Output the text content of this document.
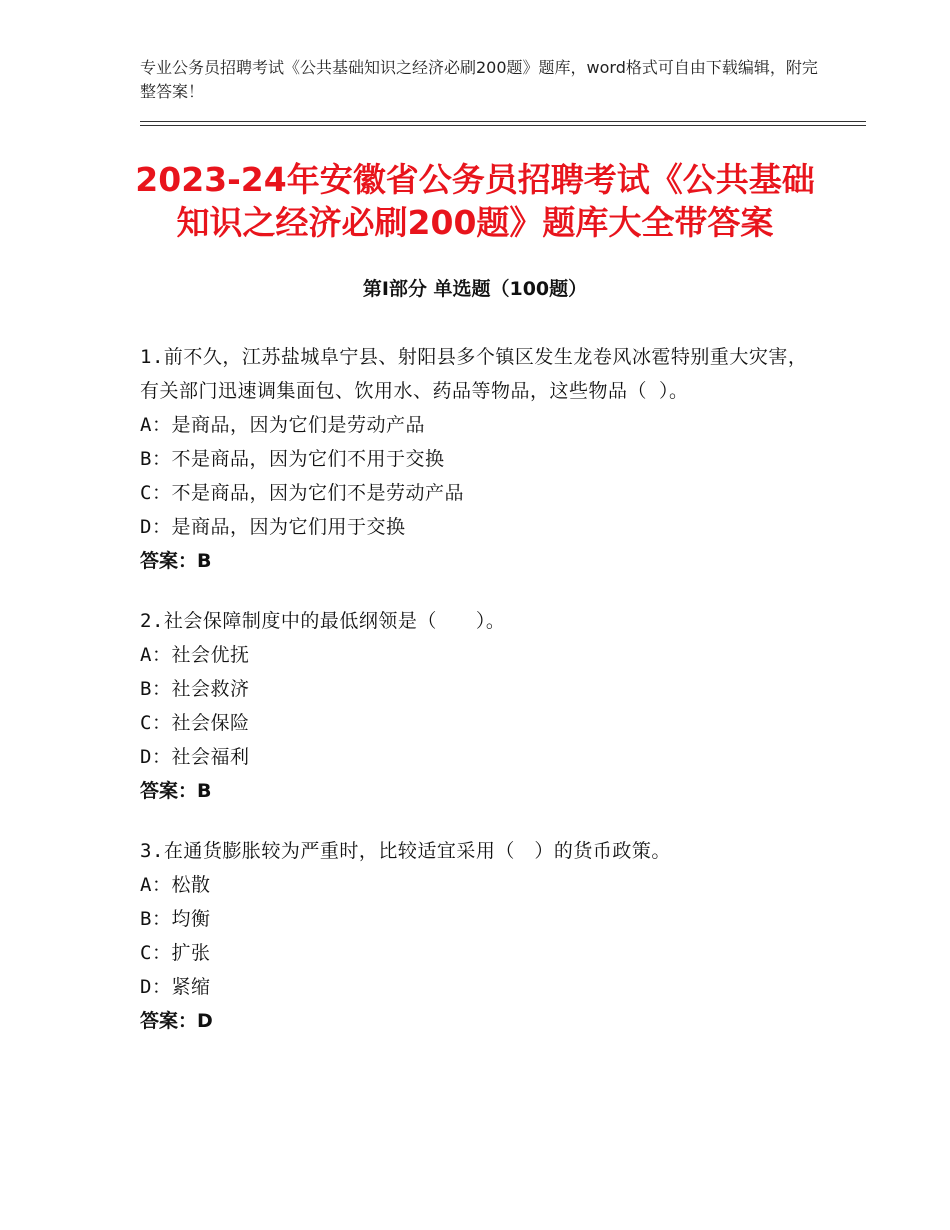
专业公务员招聘考试《公共基础知识之经济必刷200题》题库，word格式可自由下载编辑，附完整答案！
2023-24年安徽省公务员招聘考试《公共基础知识之经济必刷200题》题库大全带答案
第Ⅰ部分 单选题（100题）

1.前不久，江苏盐城阜宁县、射阳县多个镇区发生龙卷风冰雹特别重大灾害，有关部门迅速调集面包、饮用水、药品等物品，这些物品（ ）。

A：是商品，因为它们是劳动产品

B：不是商品，因为它们不用于交换

C：不是商品，因为它们不是劳动产品

D：是商品，因为它们用于交换

答案：B

2.社会保障制度中的最低纲领是（　　）。

A：社会优抚

B：社会救济

C：社会保险

D：社会福利

答案：B

3.在通货膨胀较为严重时，比较适宜采用（　）的货币政策。

A：松散

B：均衡

C：扩张

D：紧缩

答案：D
